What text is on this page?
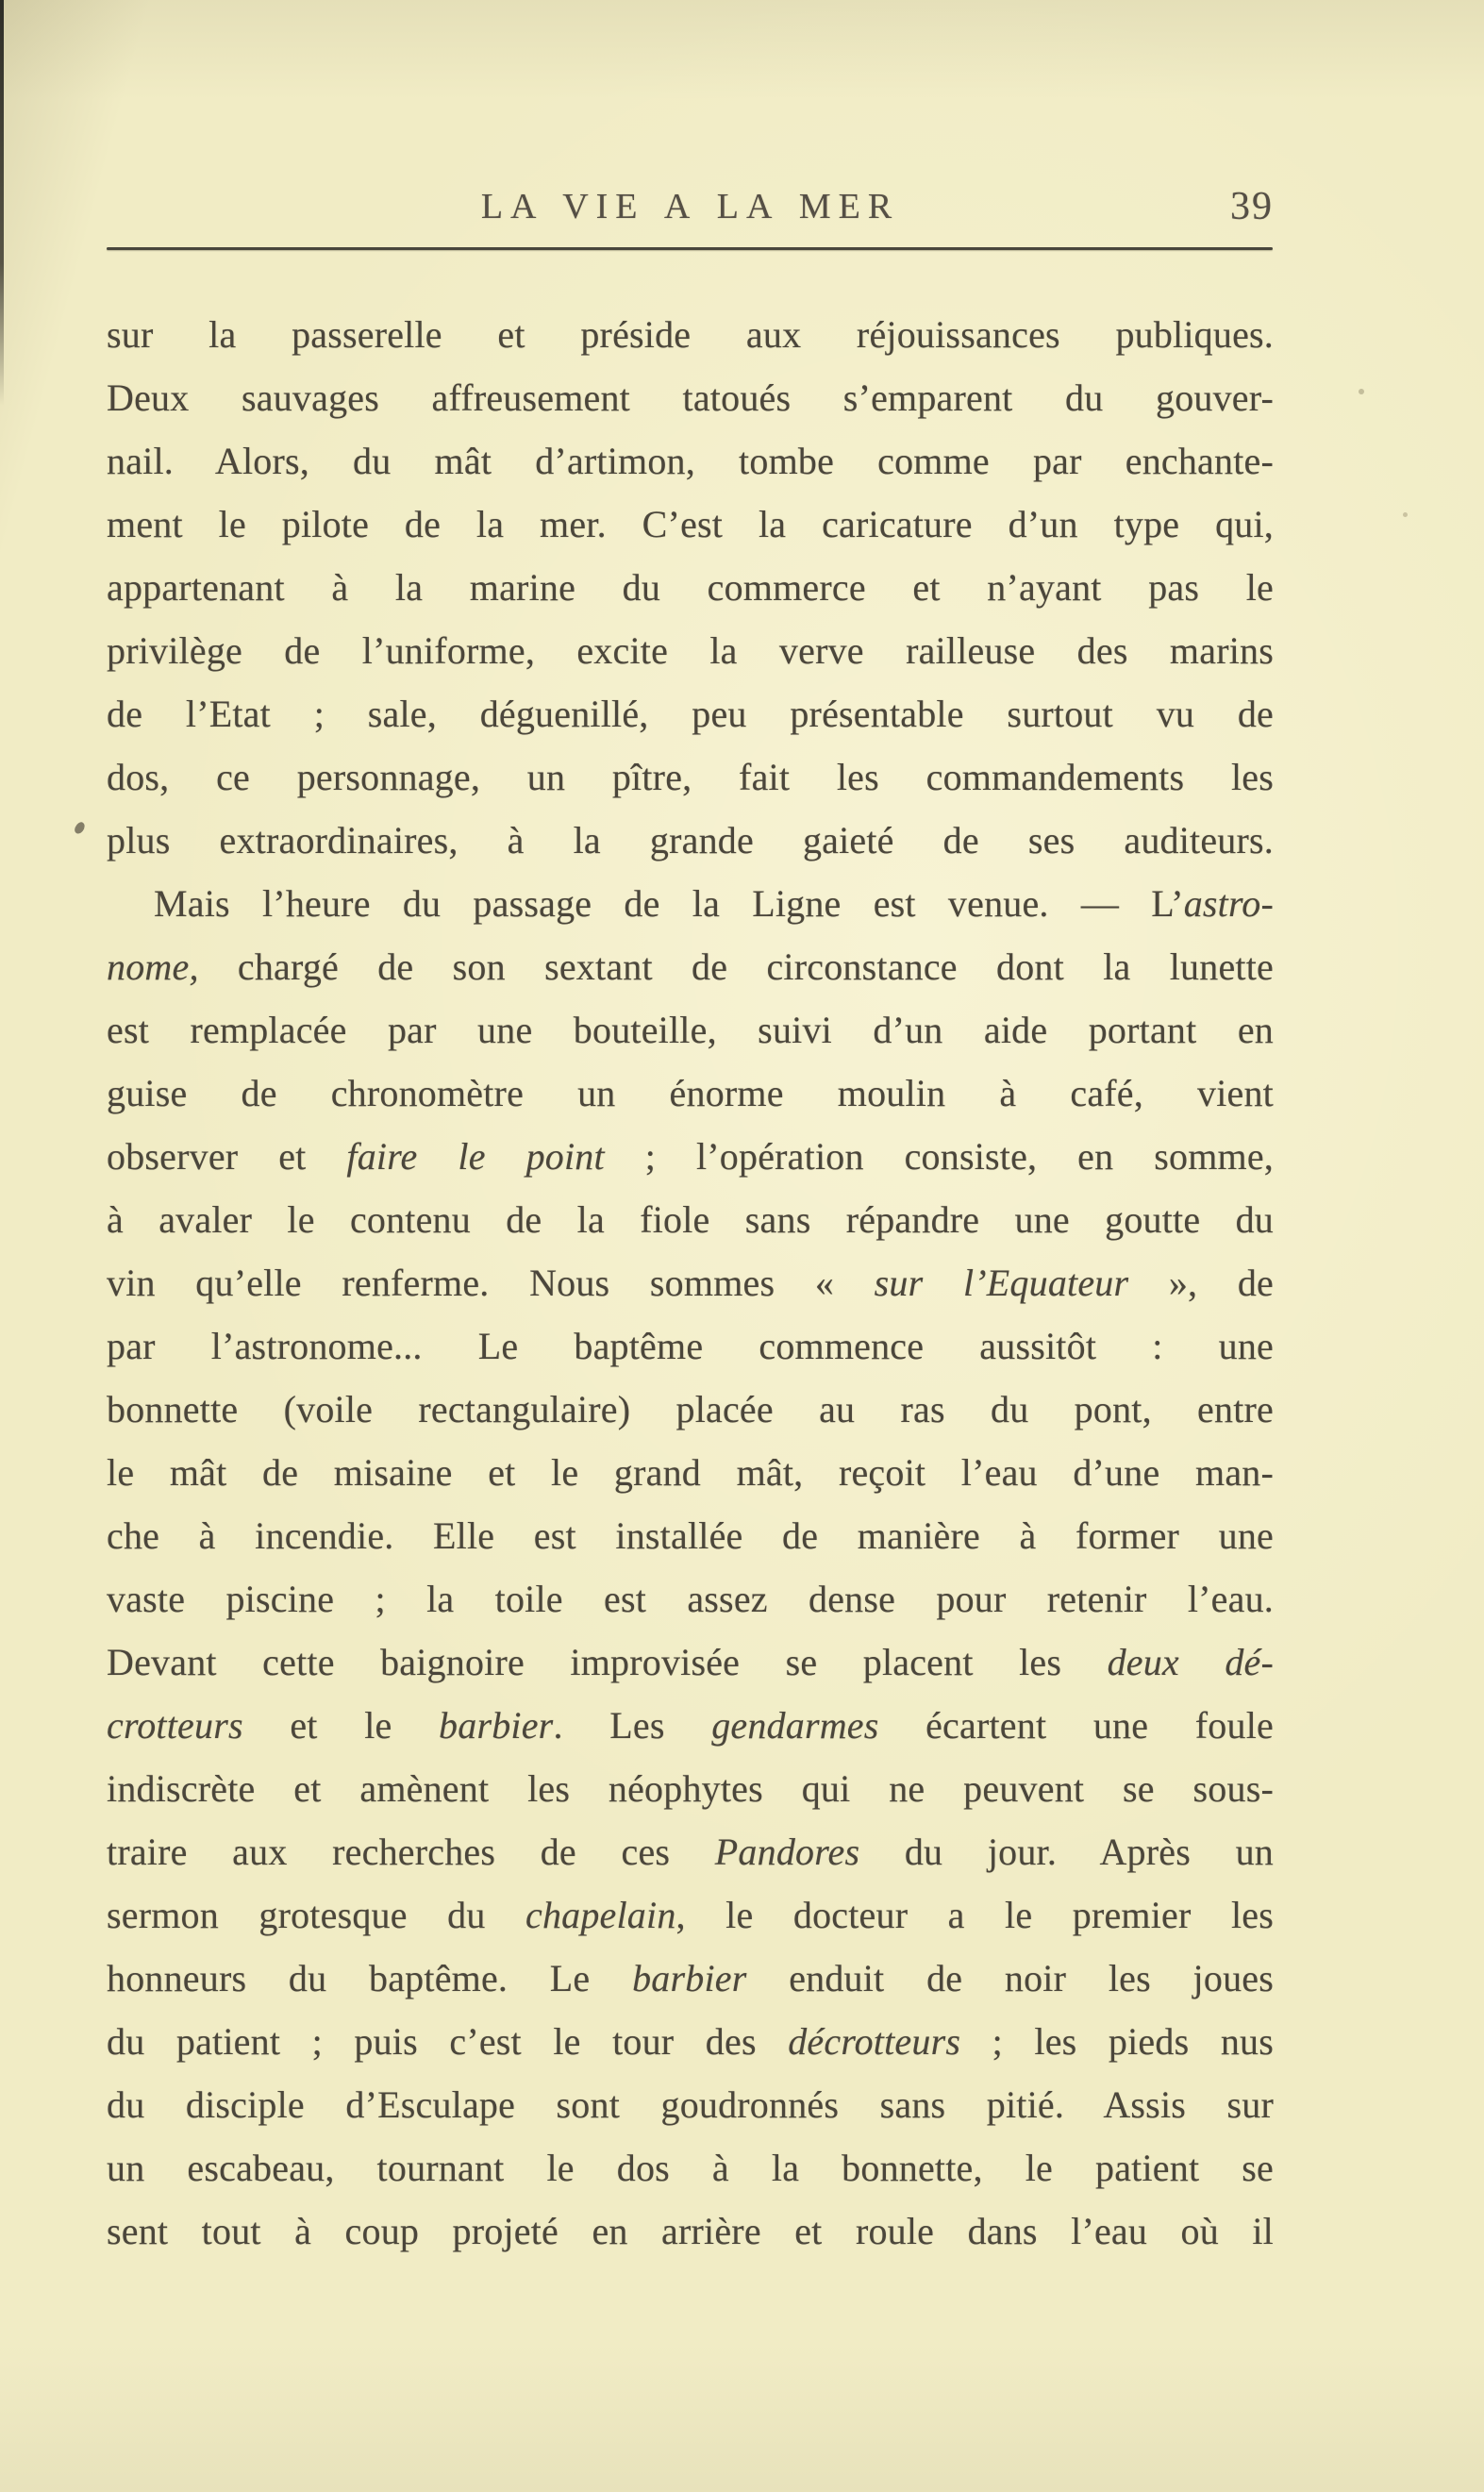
LA VIE A LA MER	39
sur la passerelle et préside aux réjouissances publiques.
Deux sauvages affreusement tatoués s’emparent du gouver-
nail. Alors, du mât d’artimon, tombe comme par enchante-
ment le pilote de la mer. C’est la caricature d’un type qui,
appartenant à la marine du commerce et n’ayant pas le
privilège de l’uniforme, excite la verve railleuse des marins
de l’Etat ; sale, déguenillé, peu présentable surtout vu de
dos, ce personnage, un pître, fait les commandements les
plus extraordinaires, à la grande gaieté de ses auditeurs.
Mais l’heure du passage de la Ligne est venue. — L’astro-
nome, chargé de son sextant de circonstance dont la lunette
est remplacée par une bouteille, suivi d’un aide portant en
guise de chronomètre un énorme moulin à café, vient
observer et faire le point ; l’opération consiste, en somme,
à avaler le contenu de la fiole sans répandre une goutte du
vin qu’elle renferme. Nous sommes « sur l’Equateur », de
par l’astronome... Le baptême commence aussitôt : une
bonnette (voile rectangulaire) placée au ras du pont, entre
le mât de misaine et le grand mât, reçoit l’eau d’une man-
che à incendie. Elle est installée de manière à former une
vaste piscine ; la toile est assez dense pour retenir l’eau.
Devant cette baignoire improvisée se placent les deux dé-
crotteurs et le barbier. Les gendarmes écartent une foule
indiscrète et amènent les néophytes qui ne peuvent se sous-
traire aux recherches de ces Pandores du jour. Après un
sermon grotesque du chapelain, le docteur a le premier les
honneurs du baptême. Le barbier enduit de noir les joues
du patient ; puis c’est le tour des décrotteurs ; les pieds nus
du disciple d’Esculape sont goudronnés sans pitié. Assis sur
un escabeau, tournant le dos à la bonnette, le patient se
sent tout à coup projeté en arrière et roule dans l’eau où il
